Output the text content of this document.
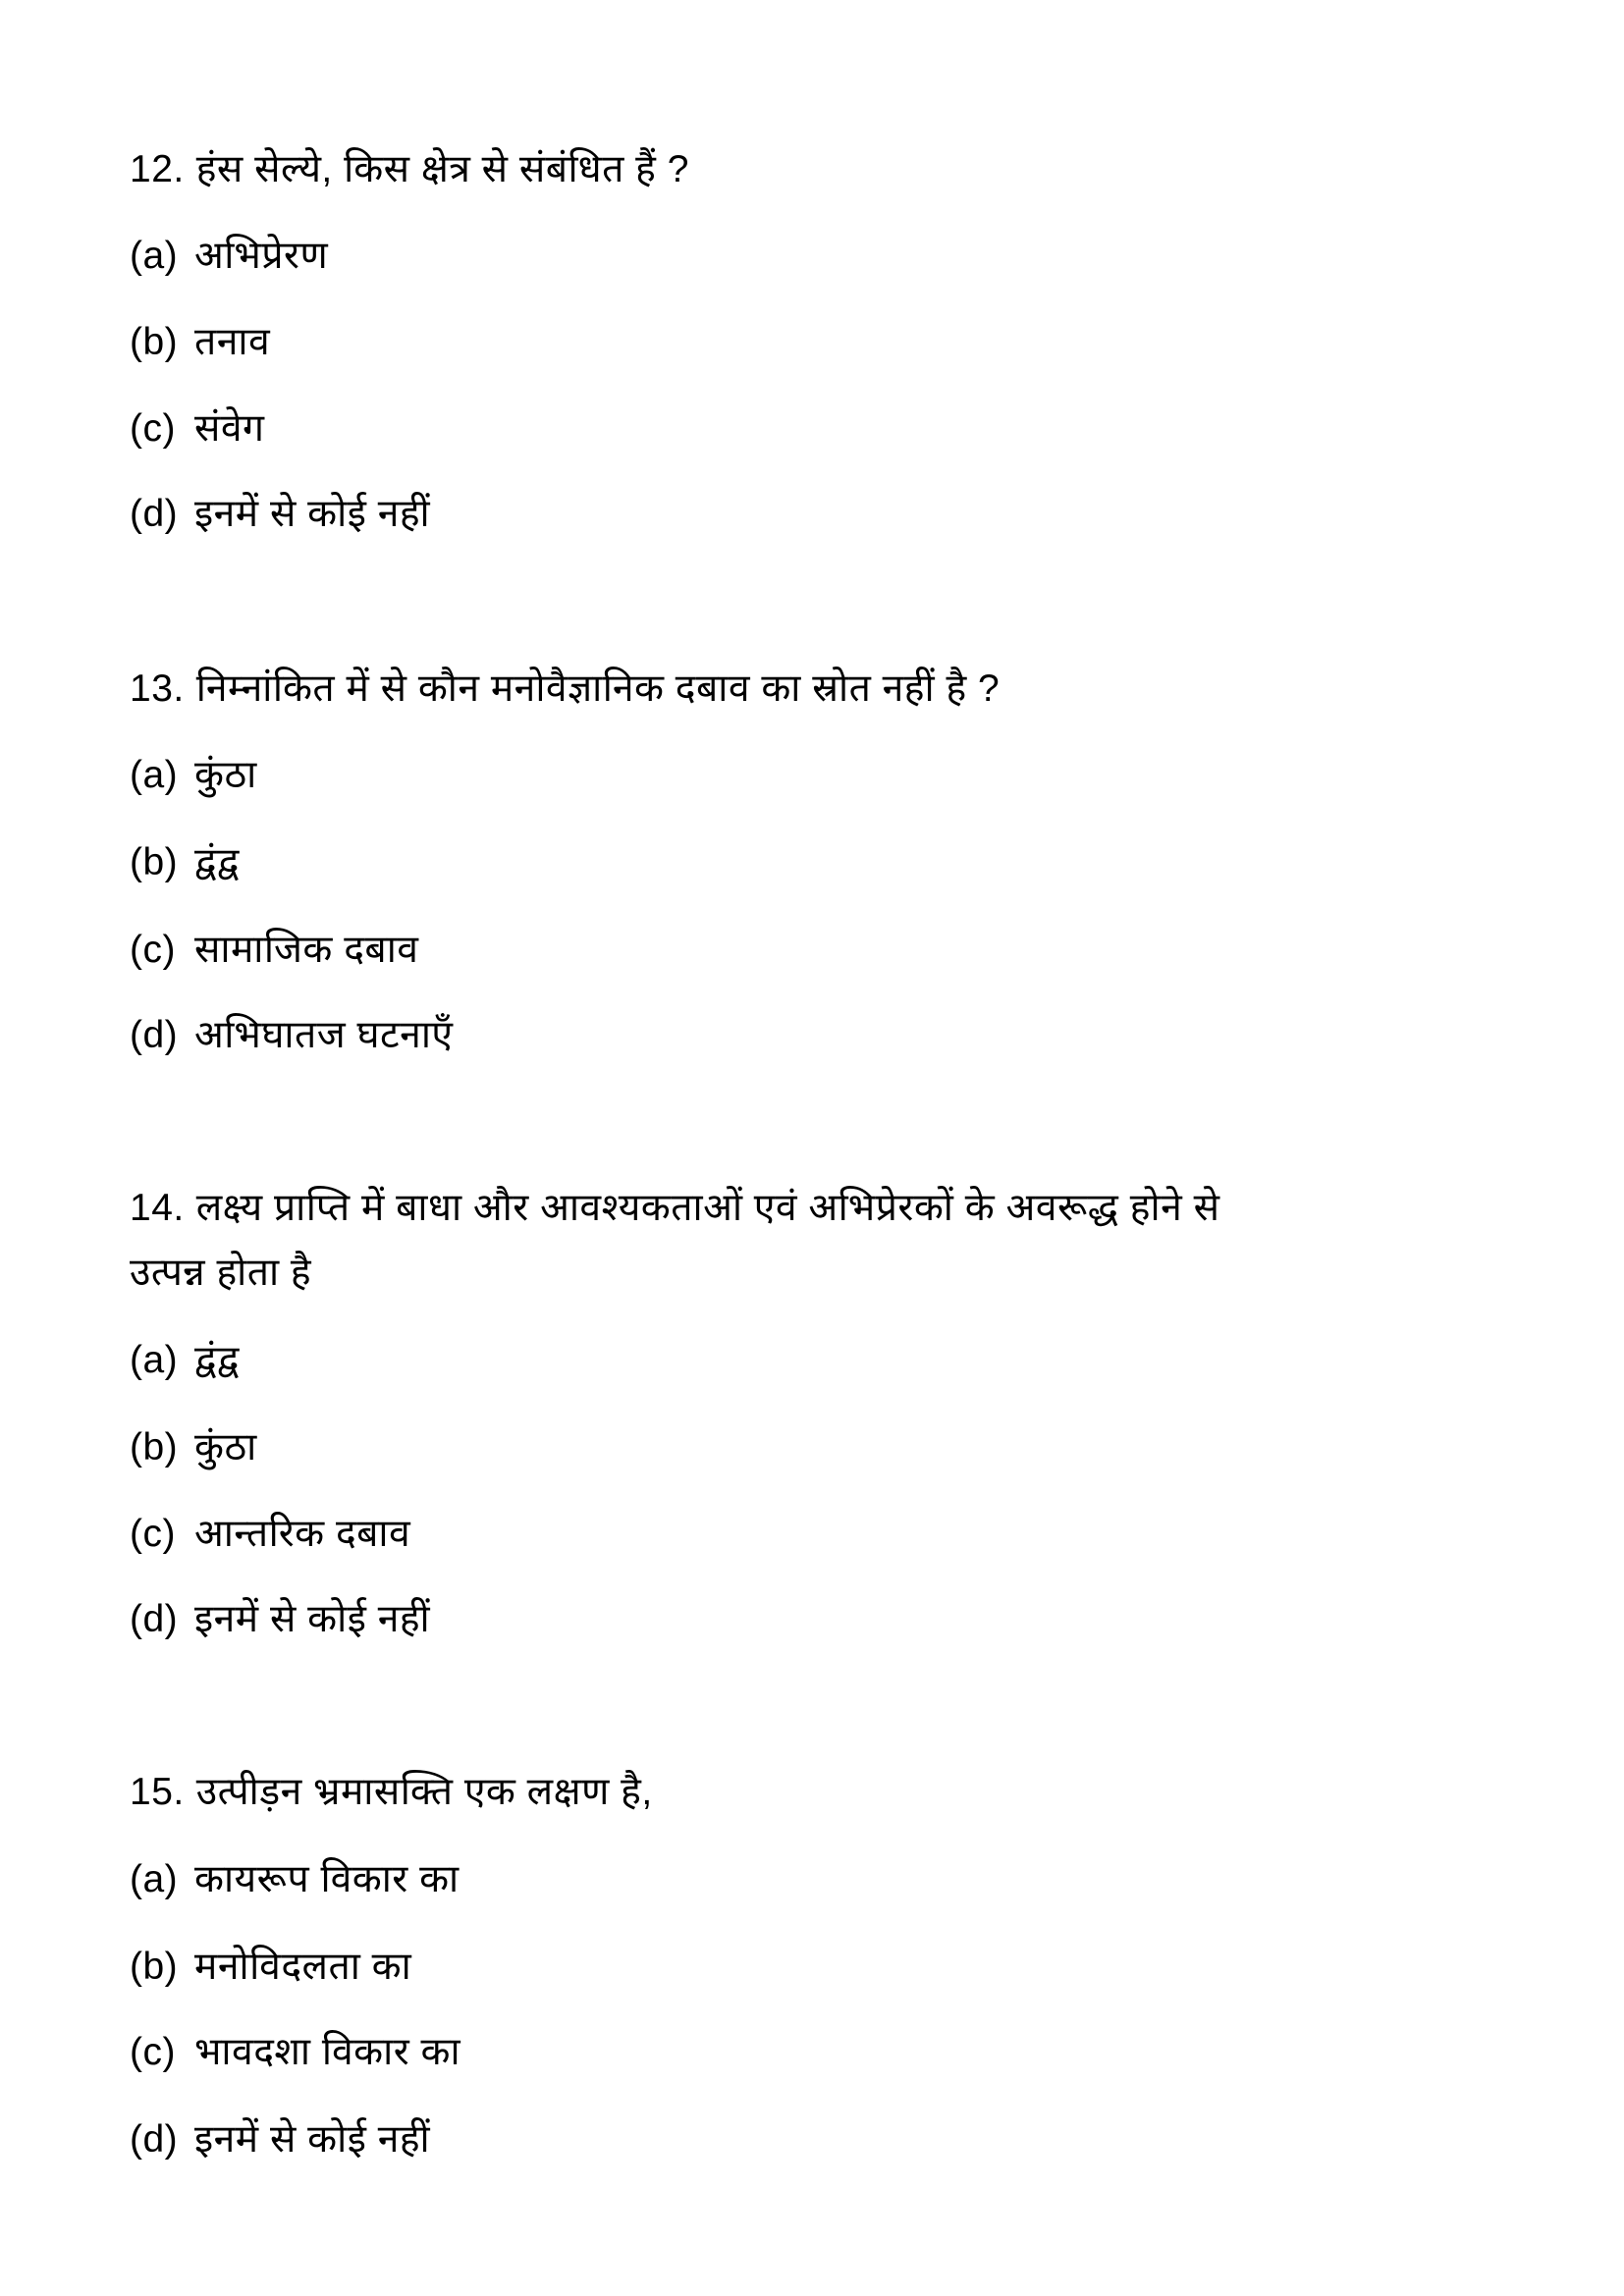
12. हंस सेल्ये, किस क्षेत्र से संबंधित हैं ?
(a) अभिप्रेरण
(b) तनाव
(c) संवेग
(d) इनमें से कोई नहीं
13. निम्नांकित में से कौन मनोवैज्ञानिक दबाव का स्रोत नहीं है ?
(a) कुंठा
(b) द्वंद्व
(c) सामाजिक दबाव
(d) अभिघातज घटनाएँ
14. लक्ष्य प्राप्ति में बाधा और आवश्यकताओं एवं अभिप्रेरकों के अवरूद्ध होने से
उत्पन्न होता है
(a) द्वंद्व
(b) कुंठा
(c) आन्तरिक दबाव
(d) इनमें से कोई नहीं
15. उत्पीड़न भ्रमासक्ति एक लक्षण है,
(a) कायरूप विकार का
(b) मनोविदलता का
(c) भावदशा विकार का
(d) इनमें से कोई नहीं
